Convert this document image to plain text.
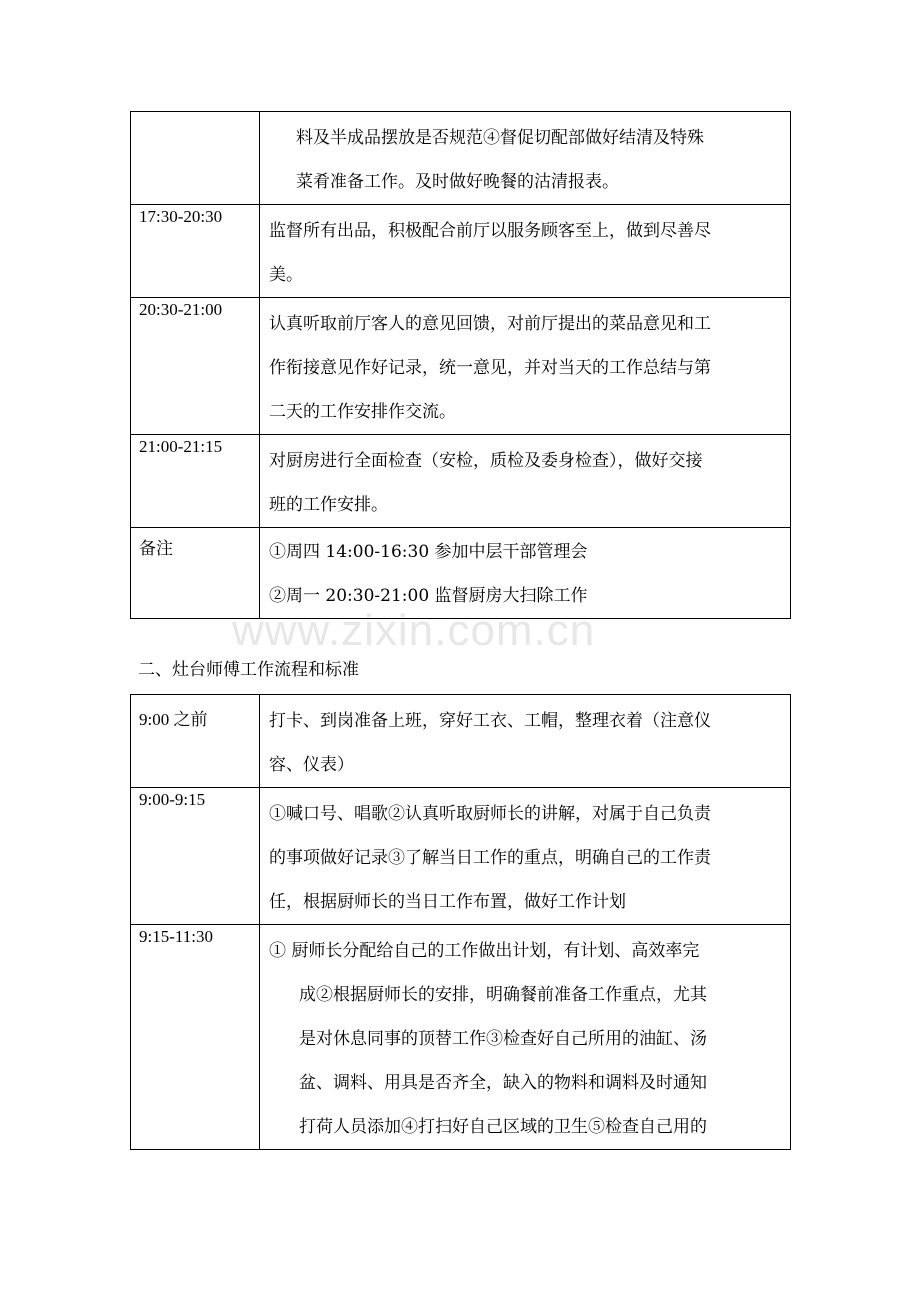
	料及半成品摆放是否规范④督促切配部做好结清及特殊
菜肴准备工作。及时做好晚餐的沽清报表。

17:30-20:30	监督所有出品，积极配合前厅以服务顾客至上，做到尽善尽
美。

20:30-21:00	认真听取前厅客人的意见回馈，对前厅提出的菜品意见和工
作衔接意见作好记录，统一意见，并对当天的工作总结与第
二天的工作安排作交流。

21:00-21:15	对厨房进行全面检查（安检，质检及委身检查），做好交接
班的工作安排。

备注	①周四 14:00-16:30 参加中层干部管理会
②周一 20:30-21:00 监督厨房大扫除工作
www.zixin.com.cn
二、灶台师傅工作流程和标准
9:00 之前	打卡、到岗准备上班，穿好工衣、工帽，整理衣着（注意仪
容、仪表）

9:00-9:15	①喊口号、唱歌②认真听取厨师长的讲解，对属于自己负责
的事项做好记录③了解当日工作的重点，明确自己的工作责
任，根据厨师长的当日工作布置，做好工作计划

9:15-11:30	① 厨师长分配给自己的工作做出计划，有计划、高效率完
成②根据厨师长的安排，明确餐前准备工作重点，尤其
是对休息同事的顶替工作③检查好自己所用的油缸、汤
盆、调料、用具是否齐全，缺入的物料和调料及时通知
打荷人员添加④打扫好自己区域的卫生⑤检查自己用的
